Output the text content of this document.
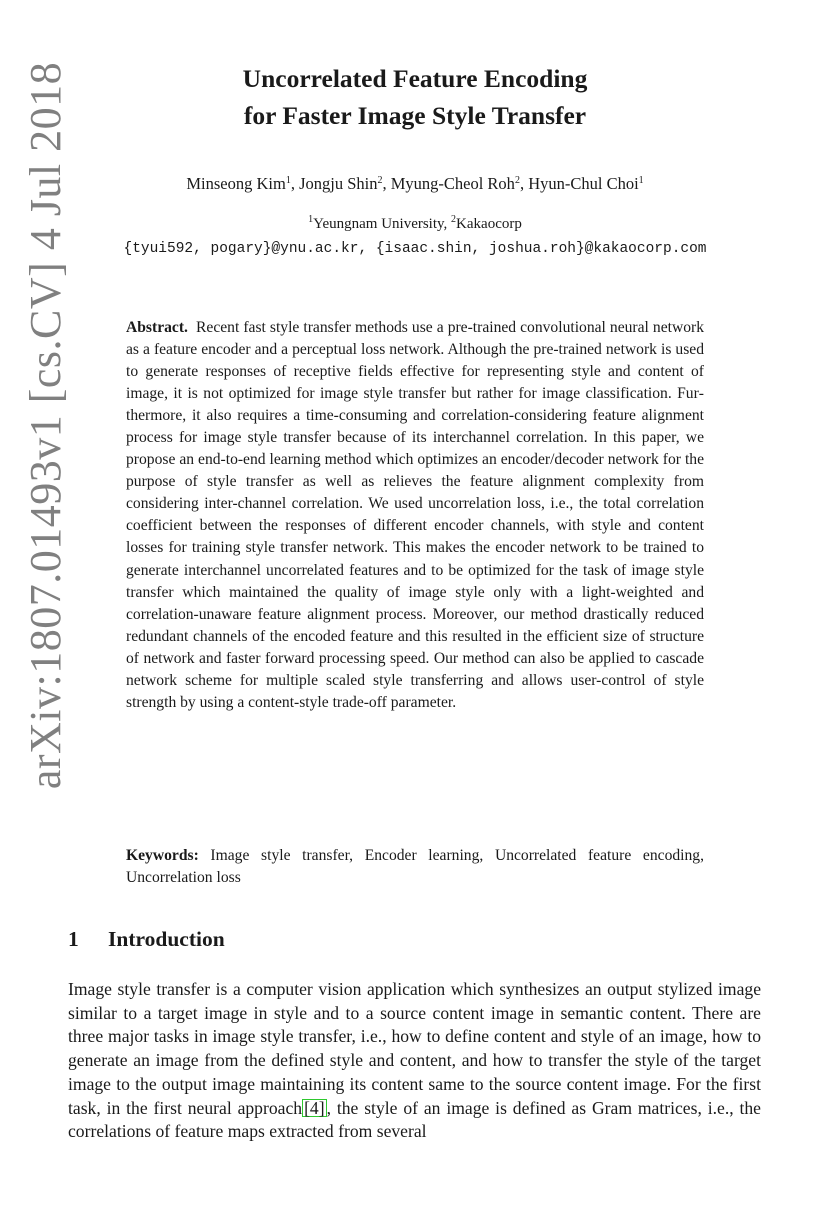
arXiv:1807.01493v1 [cs.CV] 4 Jul 2018	Uncorrelated Feature Encoding
for Faster Image Style Transfer
Minseong Kim$^1$, Jongju Shin$^2$, Myung-Cheol Roh$^2$, Hyun-Chul Choi$^1$
$^1$Yeungnam University, $^2$Kakaocorp
{tyui592, pogary}@ynu.ac.kr, {isaac.shin, joshua.roh}@kakaocorp.com
Abstract. Recent fast style transfer methods use a pre-trained convolutional neural network as a feature encoder and a perceptual loss network. Although the pre-trained network is used to generate responses of receptive fields effective for representing style and content of image, it is not optimized for image style transfer but rather for image classification. Furthermore, it also requires a time-consuming and correlation-considering feature alignment process for image style transfer because of its interchannel correlation. In this paper, we propose an end-to-end learning method which optimizes an encoder/decoder network for the purpose of style transfer as well as relieves the feature alignment complexity from considering inter-channel correlation. We used uncorrelation loss, i.e., the total correlation coefficient between the responses of different encoder channels, with style and content losses for training style transfer network. This makes the encoder network to be trained to generate interchannel uncorrelated features and to be optimized for the task of image style transfer which maintained the quality of image style only with a light-weighted and correlation-unaware feature alignment process. Moreover, our method drastically reduced redundant channels of the encoded feature and this resulted in the efficient size of structure of network and faster forward processing speed. Our method can also be applied to cascade network scheme for multiple scaled style transferring and allows user-control of style strength by using a content-style trade-off parameter.
Keywords: Image style transfer, Encoder learning, Uncorrelated feature encoding, Uncorrelation loss
1 Introduction
Image style transfer is a computer vision application which synthesizes an output stylized image similar to a target image in style and to a source content image in semantic content. There are three major tasks in image style transfer, i.e., how to define content and style of an image, how to generate an image from the defined style and content, and how to transfer the style of the target image to the output image maintaining its content same to the source content image. For the first task, in the first neural approach [4] , the style of an image is defined as Gram matrices, i.e., the correlations of feature maps extracted from several
